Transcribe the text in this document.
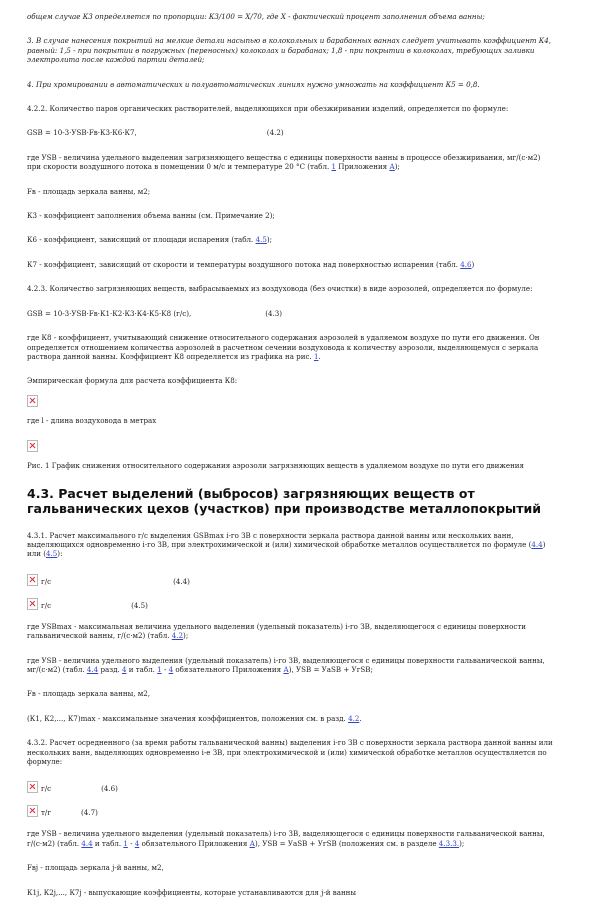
общем случае К3 определяется по пропорции: К3/100 = Х/70, где Х - фактический процент заполнения объема ванны;

3. В случае нанесения покрытий на мелкие детали насыпью в колокольных и барабанных ваннах следует учитывать коэффициент К4, равный: 1,5 - при покрытии в погружных (переносных) колоколах и барабанах; 1,8 - при покрытии в колоколах, требующих заливки электролита после каждой партии деталей;

4. При хромировании в автоматических и полуавтоматических линиях нужно умножать на коэффициент К5 = 0,8.

4.2.2. Количество паров органических растворителей, выделяющихся при обезжиривании изделий, определяется по формуле:

GSB = 10-3·УSB·Fв·К3·К6·К7,	(4.2)

где УSB - величина удельного выделения загрязняющего вещества с единицы поверхности ванны в процессе обезжиривания, мг/(с·м2) при скорости воздушного потока в помещении 0 м/с и температуре 20 °С (табл. 1 Приложения А);

Fв - площадь зеркала ванны, м2;

К3 - коэффициент заполнения объема ванны (см. Примечание 2);

К6 - коэффициент, зависящий от площади испарения (табл. 4.5);

К7 - коэффициент, зависящий от скорости и температуры воздушного потока над поверхностью испарения (табл. 4.6)

4.2.3. Количество загрязняющих веществ, выбрасываемых из воздуховода (без очистки) в виде аэрозолей, определяется по формуле:

GSB = 10-3·УSB·Fв·К1·К2·К3·К4·К5·K8 (г/с),	(4.3)

где К8 - коэффициент, учитывающий снижение относительного содержания аэрозолей в удаляемом воздухе по пути его движения. Он определяется отношением количества аэрозолей в расчетном сечении воздуховода к количеству аэрозоли, выделяющемуся с зеркала раствора данной ванны. Коэффициент К8 определяется из графика на рис. 1.

Эмпирическая формула для расчета коэффициента К8:

где l - длина воздуховода в метрах

Рис. 1 График снижения относительного содержания аэрозоли загрязняющих веществ в удаляемом воздухе по пути его движения

4.3. Расчет выделений (выбросов) загрязняющих веществ от гальванических цехов (участков) при производстве металлопокрытий

4.3.1. Расчет максимального г/с выделения GSBmax i-го ЗВ с поверхности зеркала раствора данной ванны или нескольких ванн, выделяющихся одновременно i-го ЗВ, при электрохимической и (или) химической обработке металлов осуществляется по формуле (4.4) или (4.5):

г/с	(4.4)
г/с	(4.5)

где УSBmax - максимальная величина удельного выделения (удельный показатель) i-го ЗВ, выделяющегося с единицы поверхности гальванической ванны, г/(с·м2) (табл. 4.2);

где УSB - величина удельного выделения (удельный показатель) i-го ЗВ, выделяющегося с единицы поверхности гальванической ванны, мг/(с·м2) (табл. 4.4 разд. 4 и табл. 1 - 4 обязательного Приложения А), УSB = УaSB + УгSB;

Fв - площадь зеркала ванны, м2,

(К1, К2,..., К7)max - максимальные значения коэффициентов, положения см. в разд. 4.2.

4.3.2. Расчет осредненного (за время работы гальванической ванны) выделения i-го ЗВ с поверхности зеркала раствора данной ванны или нескольких ванн, выделяющих одновременно i-е ЗВ, при электрохимической и (или) химической обработке металлов осуществляется по формуле:

г/с	(4.6)
т/г	(4.7)

где УSB - величина удельного выделения (удельный показатель) i-го ЗВ, выделяющегося с единицы поверхности гальванической ванны, г/(с·м2) (табл. 4.4 и табл. 1 - 4 обязательного Приложения А), УSB = УaSB + УгSB (положения см. в разделе 4.3.3.);

Fвj - площадь зеркала j-й ванны, м2,

К1j, К2j,..., К7j - выпускающие коэффициенты, которые устанавливаются для j-й ванны
